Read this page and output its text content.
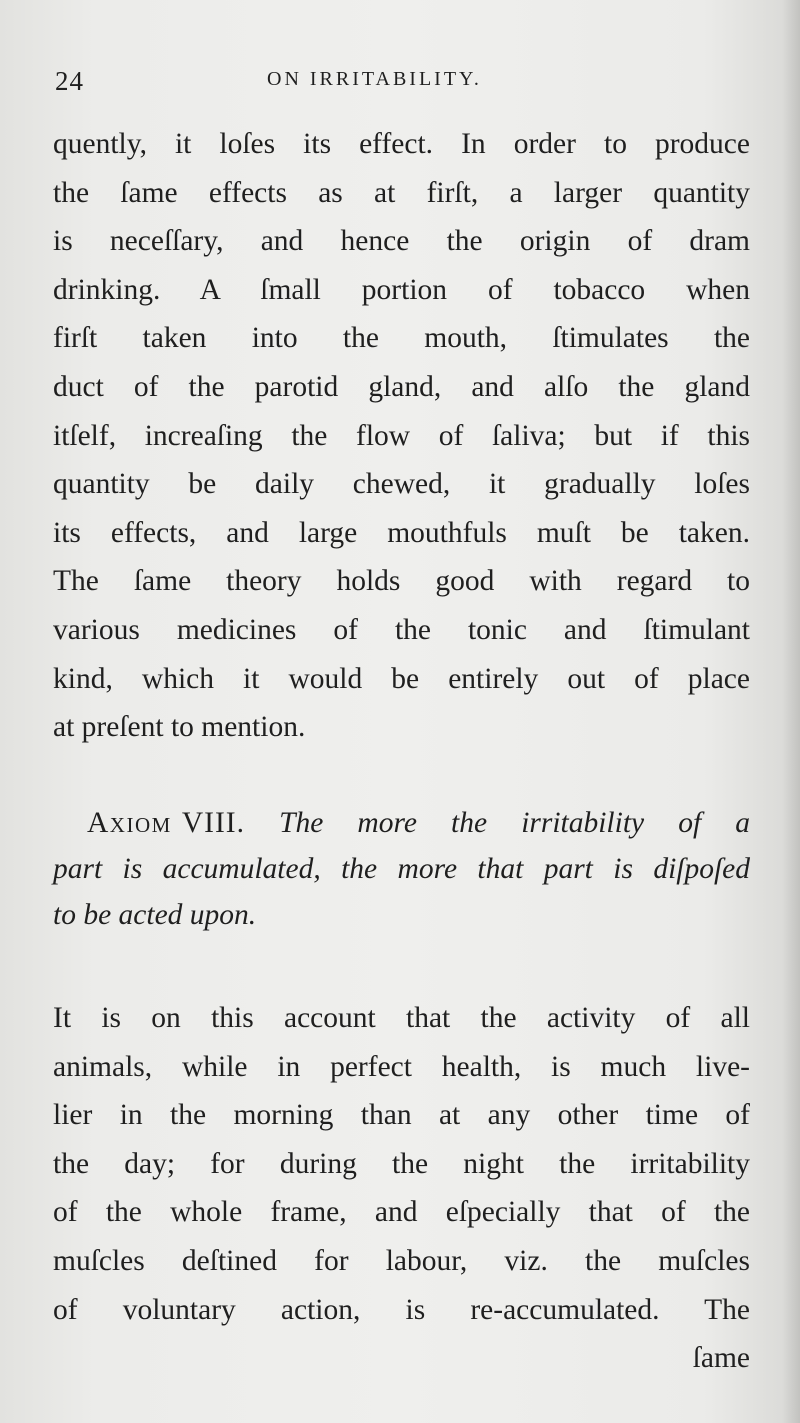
24	ON IRRITABILITY.
quently, it loſes its effect. In order to produce
the ſame effects as at firſt, a larger quantity
is neceſſary, and hence the origin of dram
drinking. A ſmall portion of tobacco when
firſt taken into the mouth, ſtimulates the
duct of the parotid gland, and alſo the gland
itſelf, increaſing the flow of ſaliva; but if this
quantity be daily chewed, it gradually loſes
its effects, and large mouthfuls muſt be taken.
The ſame theory holds good with regard to
various medicines of the tonic and ſtimulant
kind, which it would be entirely out of place
at preſent to mention.
Axiom VIII. The more the irritability of a
part is accumulated, the more that part is diſpoſed
to be acted upon.
It is on this account that the activity of all
animals, while in perfect health, is much live-
lier in the morning than at any other time of
the day; for during the night the irritability
of the whole frame, and eſpecially that of the
muſcles deſtined for labour, viz. the muſcles
of voluntary action, is re-accumulated. The
ſame
